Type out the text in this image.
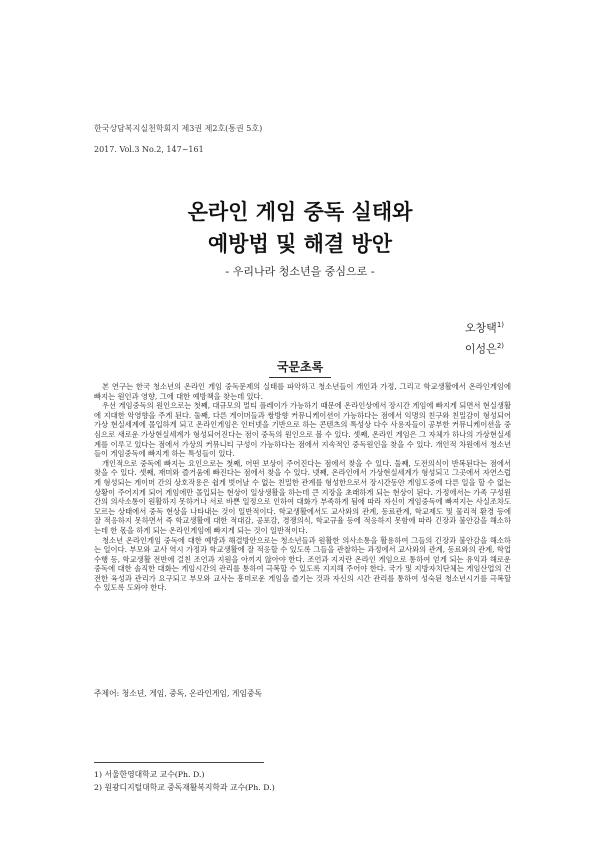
한국상담복지실천학회지 제3권 제2호(통권 5호)
2017. Vol.3 No.2, 147~161
온라인 게임 중독 실태와
예방법 및 해결 방안
- 우리나라 청소년을 중심으로 -
오창택$^{1)}$
이성은$^{2)}$
국문초록

본 연구는 한국 청소년의 온라인 게임 중독문제의 실태를 파악하고 청소년들이 개인과 가정, 그리고 학교생활에서 온라인게임에 빠지는 원인과 영향, 그에 대한 예방책을 찾는데 있다.

우선 게임중독의 원인으로는 첫째, 대규모의 멀티 플레이가 가능하기 때문에 온라인상에서 장시간 게임에 빠지게 되면서 현실생활에 지대한 악영향을 주게 된다. 둘째, 다른 게이머들과 쌍방향 커뮤니케이션이 가능하다는 점에서 익명의 친구와 친밀감이 형성되어 가상 현실세계에 몰입하게 되고 온라인게임은 인터넷을 기반으로 하는 콘텐츠의 특성상 다수 사용자들이 공부한 커뮤니케이션을 중심으로 새로운 가상현실세계가 형성되어진다는 점이 중독의 원인으로 볼 수 있다. 셋째, 온라인 게임은 그 자체가 하나의 가상현실세계를 이루고 있다는 점에서 가상의 커뮤니티 구성이 가능하다는 점에서 지속적인 중독원인을 찾을 수 있다. 개인적 차원에서 청소년들이 게임중독에 빠지게 하는 특성들이 있다.

개인적으로 중독에 빠지는 요인으로는 첫째, 어떤 보상이 주어진다는 점에서 찾을 수 있다. 둘째, 도전의식이 반복된다는 점에서 찾을 수 있다. 셋째, 재미와 즐거움에 빠진다는 점에서 찾을 수 있다. 넷째, 온라인에서 가상현실세계가 형성되고 그곳에서 자연스럽게 형성되는 게이머 간의 상호작용은 쉽게 벗어날 수 없는 친밀한 관계를 형성한으로서 장시간동안 게임도중에 다른 일을 할 수 없는 상황이 주어지게 되어 게임에만 몰입되는 현상이 일상생활을 하는데 큰 지장을 초래하게 되는 현상이 된다. 가정에서는 가족 구성원간의 의사소통이 원활하지 못하거나 서로 바쁜 일정으로 인하여 대화가 부족하게 됨에 따라 자신이 게임중독에 빠져지는 사실조차도 모르는 상태에서 중독 현상을 나타내는 것이 일반적이다. 학교생활에서도 교사와의 관계, 동료관계, 학교제도 및 물리적 환경 등에 잘 적응하지 못하면서 즉 학교생활에 대한 적대감, 공포감, 경쟁의식, 학교규율 등에 적응하지 못함에 따라 긴장과 불안감을 해소하는데 한 몫을 하게 되는 온라인게임에 빠지게 되는 것이 일반적이다.

청소년 온라인게임 중독에 대한 예방과 해결방안으로는 청소년들과 원활한 의사소통을 활용하여 그들의 긴장과 불안감을 해소하는 일이다. 부모와 교사 역시 가정과 학교생활에 잘 적응할 수 있도록 그들을 관찰하는 과정에서 교사와의 관계, 동료와의 관계, 학업수행 등, 학교생활 전반에 걸친 조언과 지원을 아끼지 않아야 한다. 조언과 지지란 온라인 게임으로 통하여 얻게 되는 유익과 해로운 중독에 대한 솔직한 대화는 게임시간의 관리를 통하여 극복할 수 있도록 지지해 주어야 한다. 국가 및 지방자치단체는 게임산업의 건전한 육성과 관리가 요구되고 부모와 교사는 흥미로운 게임을 즐기는 것과 자신의 시간 관리를 통하여 성숙된 청소년시기를 극복할 수 있도록 도와야 한다.

주제어: 청소년, 게임, 중독, 온라인게임, 게임중독
1) 서울한영대학교 교수(Ph. D.)
2) 원광디지털대학교 중독재활복지학과 교수(Ph. D.)
